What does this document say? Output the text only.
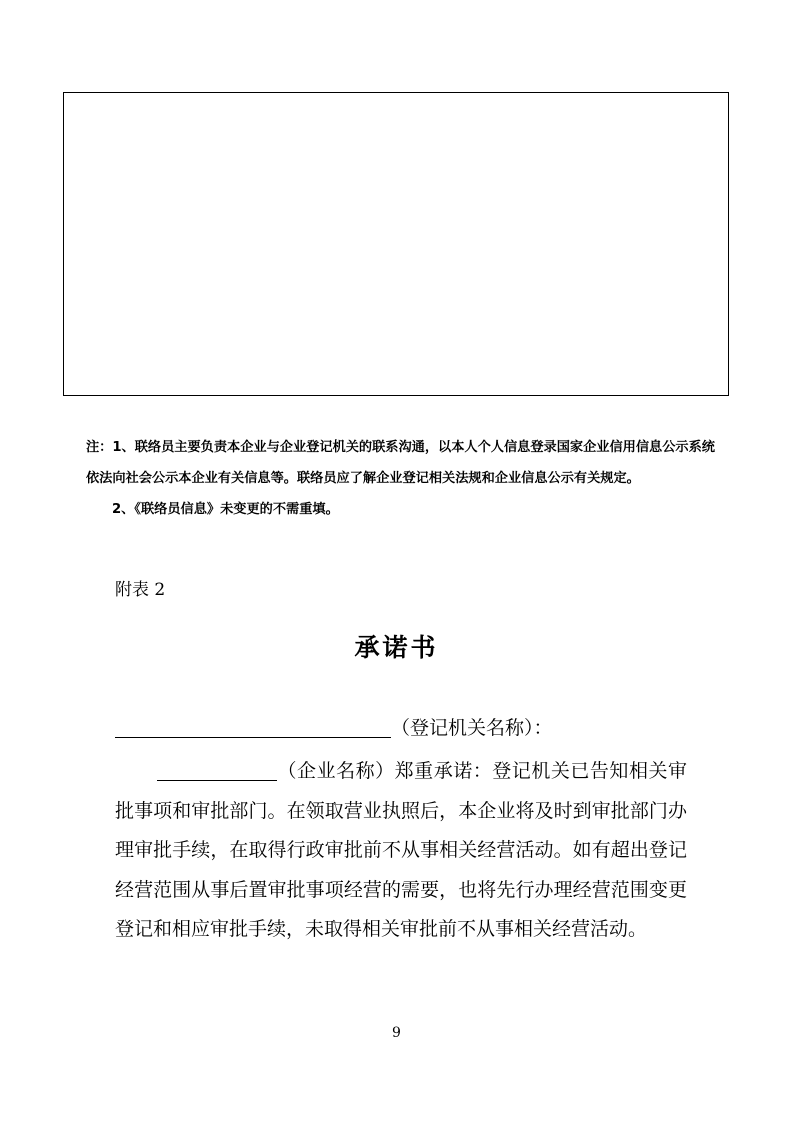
注：1、联络员主要负责本企业与企业登记机关的联系沟通，以本人个人信息登录国家企业信用信息公示系统依法向社会公示本企业有关信息等。联络员应了解企业登记相关法规和企业信息公示有关规定。
2、《联络员信息》未变更的不需重填。
附表 2
承诺书
（登记机关名称）：
（企业名称）郑重承诺：登记机关已告知相关审批事项和审批部门。在领取营业执照后，本企业将及时到审批部门办理审批手续，在取得行政审批前不从事相关经营活动。如有超出登记经营范围从事后置审批事项经营的需要，也将先行办理经营范围变更登记和相应审批手续，未取得相关审批前不从事相关经营活动。
9
